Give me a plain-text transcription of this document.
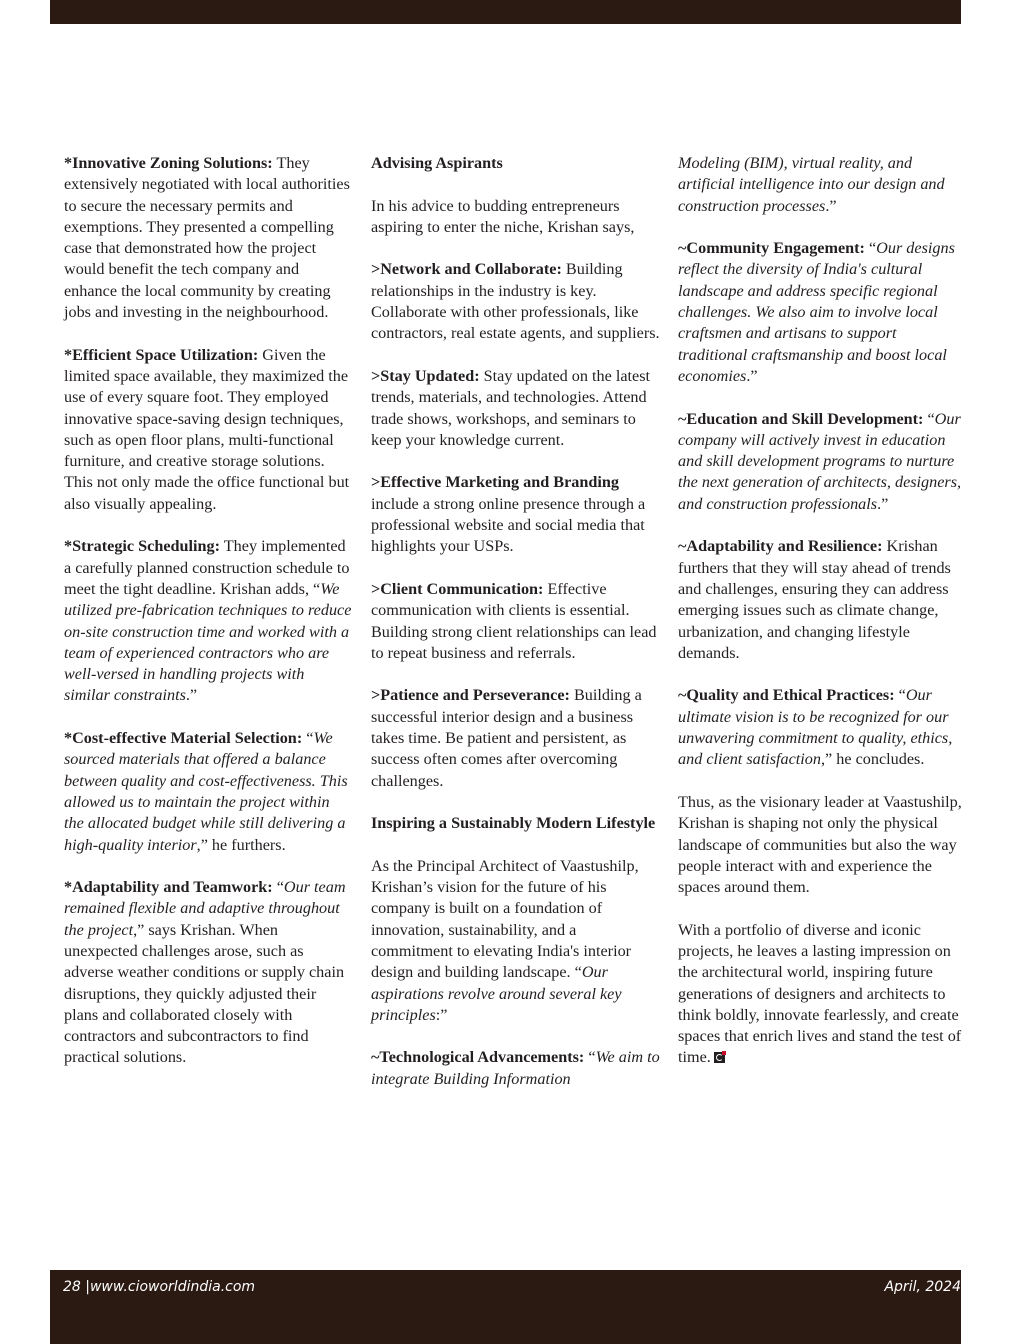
*Innovative Zoning Solutions: They extensively negotiated with local authorities to secure the necessary permits and exemptions. They presented a compelling case that demonstrated how the project would benefit the tech company and enhance the local community by creating jobs and investing in the neighbourhood.

*Efficient Space Utilization: Given the limited space available, they maximized the use of every square foot. They employed innovative space-saving design techniques, such as open floor plans, multi-functional furniture, and creative storage solutions. This not only made the office functional but also visually appealing.

*Strategic Scheduling: They implemented a carefully planned construction schedule to meet the tight deadline. Krishan adds, “We utilized pre-fabrication techniques to reduce on-site construction time and worked with a team of experienced contractors who are well-versed in handling projects with similar constraints.”

*Cost-effective Material Selection: “We sourced materials that offered a balance between quality and cost-effectiveness. This allowed us to maintain the project within the allocated budget while still delivering a high-quality interior,” he furthers.

*Adaptability and Teamwork: “Our team remained flexible and adaptive throughout the project,” says Krishan. When unexpected challenges arose, such as adverse weather conditions or supply chain disruptions, they quickly adjusted their plans and collaborated closely with contractors and subcontractors to find practical solutions.

Advising Aspirants

In his advice to budding entrepreneurs aspiring to enter the niche, Krishan says,

>Network and Collaborate: Building relationships in the industry is key. Collaborate with other professionals, like contractors, real estate agents, and suppliers.

>Stay Updated: Stay updated on the latest trends, materials, and technologies. Attend trade shows, workshops, and seminars to keep your knowledge current.

>Effective Marketing and Branding include a strong online presence through a professional website and social media that highlights your USPs.

>Client Communication: Effective communication with clients is essential. Building strong client relationships can lead to repeat business and referrals.

>Patience and Perseverance: Building a successful interior design and a business takes time. Be patient and persistent, as success often comes after overcoming challenges.

Inspiring a Sustainably Modern Lifestyle

As the Principal Architect of Vaastushilp, Krishan’s vision for the future of his company is built on a foundation of innovation, sustainability, and a commitment to elevating India's interior design and building landscape. “Our aspirations revolve around several key principles:”

~Technological Advancements: “We aim to integrate Building Information

Modeling (BIM), virtual reality, and artificial intelligence into our design and construction processes.”

~Community Engagement: “Our designs reflect the diversity of India's cultural landscape and address specific regional challenges. We also aim to involve local craftsmen and artisans to support traditional craftsmanship and boost local economies.”

~Education and Skill Development: “Our company will actively invest in education and skill development programs to nurture the next generation of architects, designers, and construction professionals.”

~Adaptability and Resilience: Krishan furthers that they will stay ahead of trends and challenges, ensuring they can address emerging issues such as climate change, urbanization, and changing lifestyle demands.

~Quality and Ethical Practices: “Our ultimate vision is to be recognized for our unwavering commitment to quality, ethics, and client satisfaction,” he concludes.

Thus, as the visionary leader at Vaastushilp, Krishan is shaping not only the physical landscape of communities but also the way people interact with and experience the spaces around them.

With a portfolio of diverse and iconic projects, he leaves a lasting impression on the architectural world, inspiring future generations of designers and architects to think boldly, innovate fearlessly, and create spaces that enrich lives and stand the test of time.

28 |www.cioworldindia.com	April, 2024
